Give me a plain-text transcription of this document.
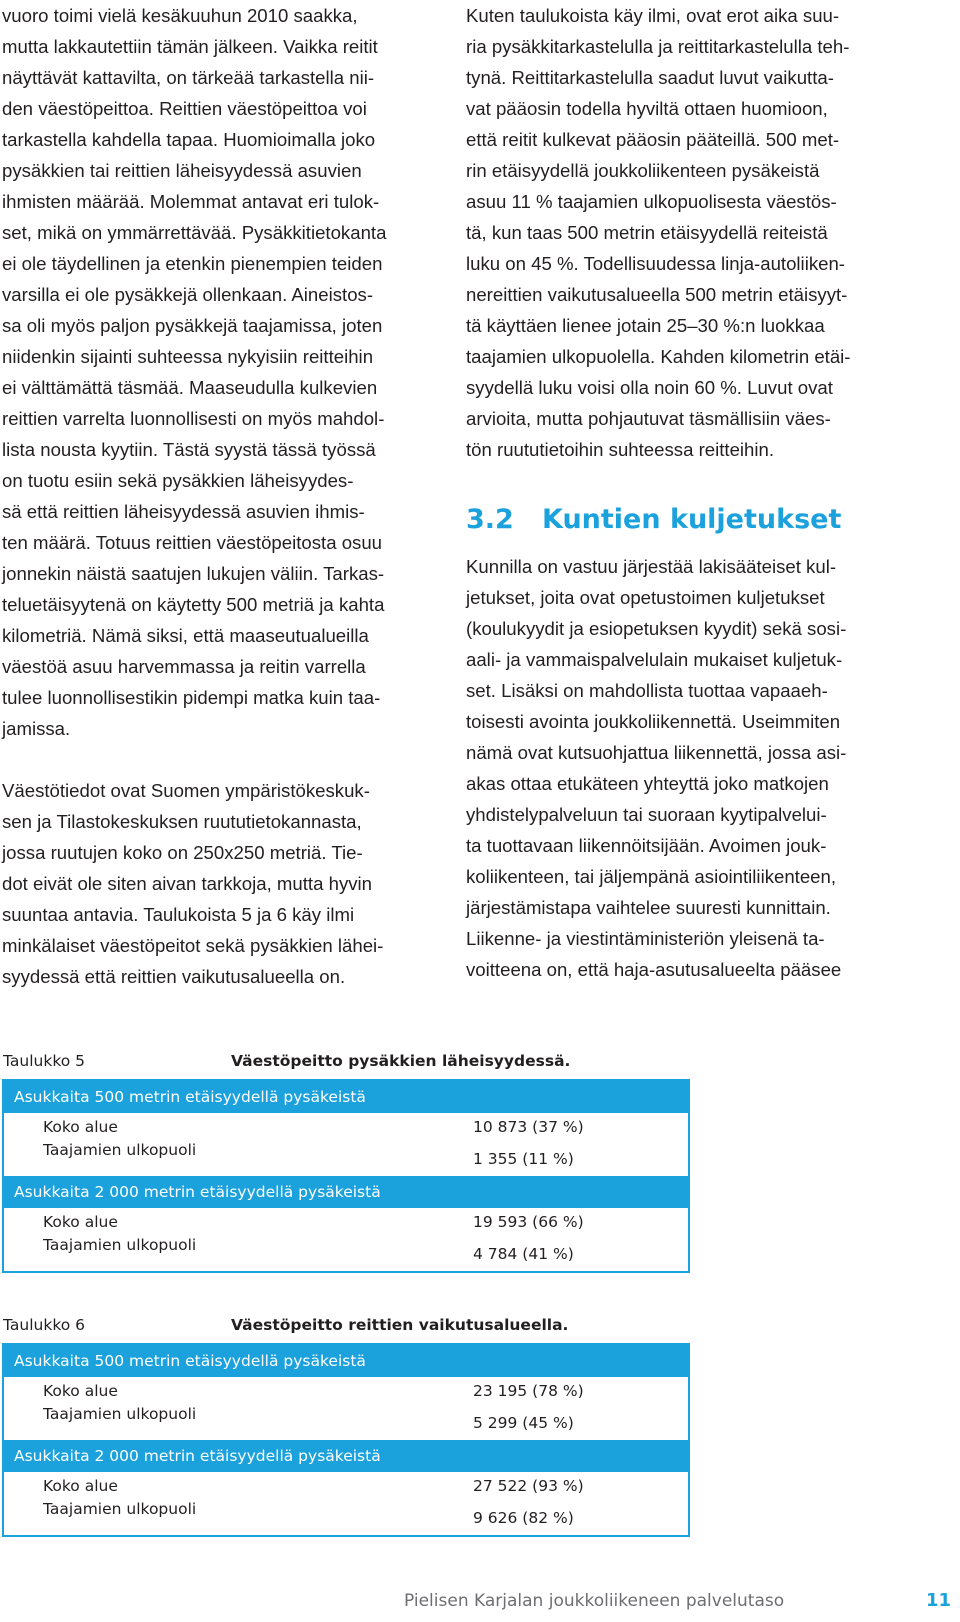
vuoro toimi vielä kesäkuuhun 2010 saakka,

mutta lakkautettiin tämän jälkeen. Vaikka reitit

näyttävät kattavilta, on tärkeää tarkastella nii-

den väestöpeittoa. Reittien väestöpeittoa voi

tarkastella kahdella tapaa. Huomioimalla joko

pysäkkien tai reittien läheisyydessä asuvien

ihmisten määrää. Molemmat antavat eri tulok-

set, mikä on ymmärrettävää. Pysäkkitietokanta

ei ole täydellinen ja etenkin pienempien teiden

varsilla ei ole pysäkkejä ollenkaan. Aineistos-

sa oli myös paljon pysäkkejä taajamissa, joten

niidenkin sijainti suhteessa nykyisiin reitteihin

ei välttämättä täsmää. Maaseudulla kulkevien

reittien varrelta luonnollisesti on myös mahdol-

lista nousta kyytiin. Tästä syystä tässä työssä

on tuotu esiin sekä pysäkkien läheisyydes-

sä että reittien läheisyydessä asuvien ihmis-

ten määrä. Totuus reittien väestöpeitosta osuu

jonnekin näistä saatujen lukujen väliin. Tarkas-

teluetäisyytenä on käytetty 500 metriä ja kahta

kilometriä. Nämä siksi, että maaseutualueilla

väestöä asuu harvemmassa ja reitin varrella

tulee luonnollisestikin pidempi matka kuin taa-

jamissa.

Väestötiedot ovat Suomen ympäristökeskuk-

sen ja Tilastokeskuksen ruututietokannasta,

jossa ruutujen koko on 250x250 metriä. Tie-

dot eivät ole siten aivan tarkkoja, mutta hyvin

suuntaa antavia. Taulukoista 5 ja 6 käy ilmi

minkälaiset väestöpeitot sekä pysäkkien lähei-

syydessä että reittien vaikutusalueella on.

Kuten taulukoista käy ilmi, ovat erot aika suu-

ria pysäkkitarkastelulla ja reittitarkastelulla teh-

tynä. Reittitarkastelulla saadut luvut vaikutta-

vat pääosin todella hyviltä ottaen huomioon,

että reitit kulkevat pääosin pääteillä. 500 met-

rin etäisyydellä joukkoliikenteen pysäkeistä

asuu 11 % taajamien ulkopuolisesta väestös-

tä, kun taas 500 metrin etäisyydellä reiteistä

luku on 45 %. Todellisuudessa linja-autoliiken-

nereittien vaikutusalueella 500 metrin etäisyyt-

tä käyttäen lienee jotain 25–30 %:n luokkaa

taajamien ulkopuolella. Kahden kilometrin etäi-

syydellä luku voisi olla noin 60 %. Luvut ovat

arvioita, mutta pohjautuvat täsmällisiin väes-

tön ruututietoihin suhteessa reitteihin.

3.2 Kuntien kuljetukset

Kunnilla on vastuu järjestää lakisääteiset kul-

jetukset, joita ovat opetustoimen kuljetukset

(koulukyydit ja esiopetuksen kyydit) sekä sosi-

aali- ja vammaispalvelulain mukaiset kuljetuk-

set. Lisäksi on mahdollista tuottaa vapaaeh-

toisesti avointa joukkoliikennettä. Useimmiten

nämä ovat kutsuohjattua liikennettä, jossa asi-

akas ottaa etukäteen yhteyttä joko matkojen

yhdistelypalveluun tai suoraan kyytipalvelui-

ta tuottavaan liikennöitsijään. Avoimen jouk-

koliikenteen, tai jäljempänä asiointiliikenteen,

järjestämistapa vaihtelee suuresti kunnittain.

Liikenne- ja viestintäministeriön yleisenä ta-

voitteena on, että haja-asutusalueelta pääsee

Taulukko 5	Väestöpeitto pysäkkien läheisyydessä.
Asukkaita 500 metrin etäisyydellä pysäkeistä
Koko alue	10 873 (37 %)
Taajamien ulkopuoli	1 355 (11 %)
Asukkaita 2 000 metrin etäisyydellä pysäkeistä
Koko alue	19 593 (66 %)
Taajamien ulkopuoli	4 784 (41 %)
Taulukko 6	Väestöpeitto reittien vaikutusalueella.
Asukkaita 500 metrin etäisyydellä pysäkeistä
Koko alue	23 195 (78 %)
Taajamien ulkopuoli	5 299 (45 %)
Asukkaita 2 000 metrin etäisyydellä pysäkeistä
Koko alue	27 522 (93 %)
Taajamien ulkopuoli	9 626 (82 %)
Pielisen Karjalan joukkoliikeneen palvelutaso	11
